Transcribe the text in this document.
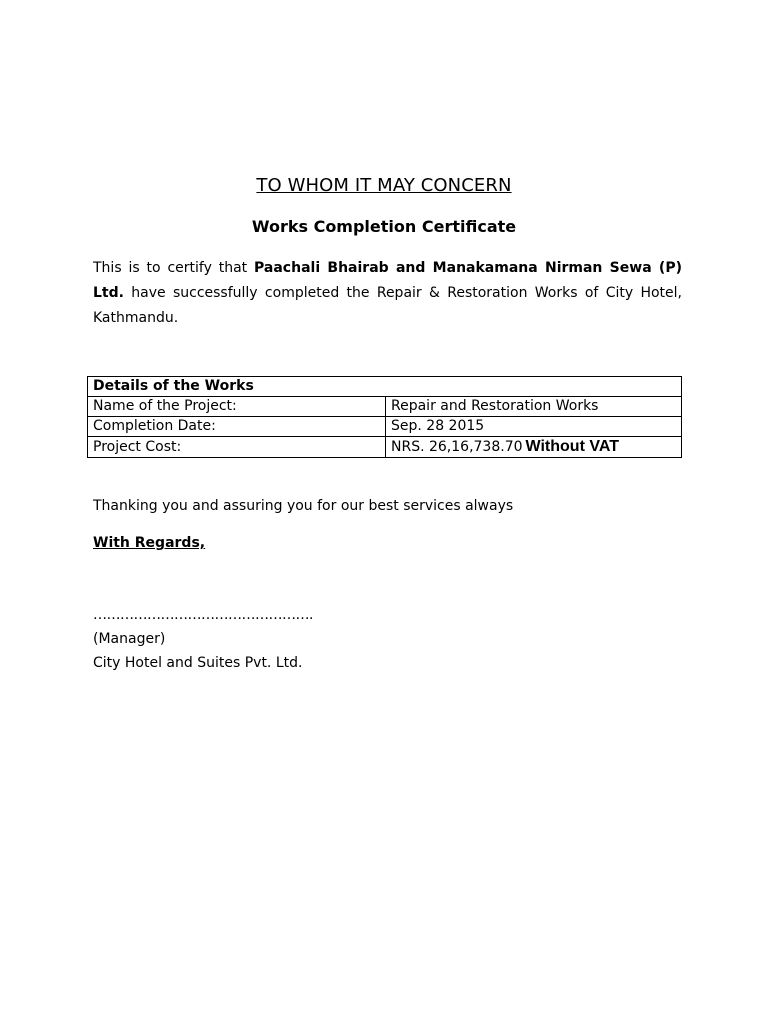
TO WHOM IT MAY CONCERN
Works Completion Certificate
This is to certify that Paachali Bhairab and Manakamana Nirman Sewa (P) Ltd. have successfully completed the Repair & Restoration Works of City Hotel, Kathmandu.
Details of the Works	
Name of the Project:	Repair and Restoration Works
Completion Date:	Sep. 28 2015
Project Cost:	NRS. 26,16,738.70 Without VAT
Thanking you and assuring you for our best services always
With Regards,
………………………………………….
(Manager)
City Hotel and Suites Pvt. Ltd.
